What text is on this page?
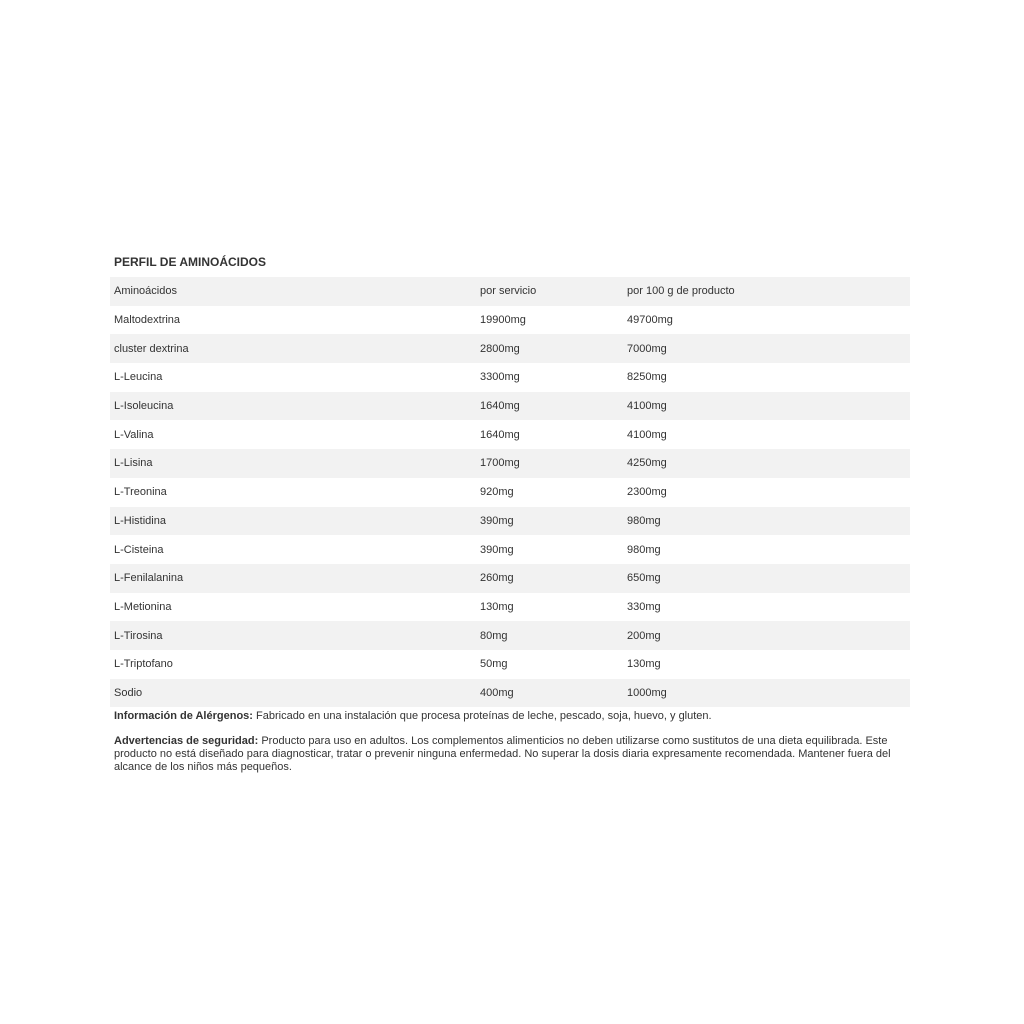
PERFIL DE AMINOÁCIDOS
Aminoácidos	por servicio	por 100 g de producto
Maltodextrina	19900mg	49700mg
cluster dextrina	2800mg	7000mg
L-Leucina	3300mg	8250mg
L-Isoleucina	1640mg	4100mg
L-Valina	1640mg	4100mg
L-Lisina	1700mg	4250mg
L-Treonina	920mg	2300mg
L-Histidina	390mg	980mg
L-Cisteina	390mg	980mg
L-Fenilalanina	260mg	650mg
L-Metionina	130mg	330mg
L-Tirosina	80mg	200mg
L-Triptofano	50mg	130mg
Sodio	400mg	1000mg

Información de Alérgenos: Fabricado en una instalación que procesa proteínas de leche, pescado, soja, huevo, y gluten.

Advertencias de seguridad: Producto para uso en adultos. Los complementos alimenticios no deben utilizarse como sustitutos de una dieta equilibrada. Este producto no está diseñado para diagnosticar, tratar o prevenir ninguna enfermedad. No superar la dosis diaria expresamente recomendada. Mantener fuera del alcance de los niños más pequeños.
